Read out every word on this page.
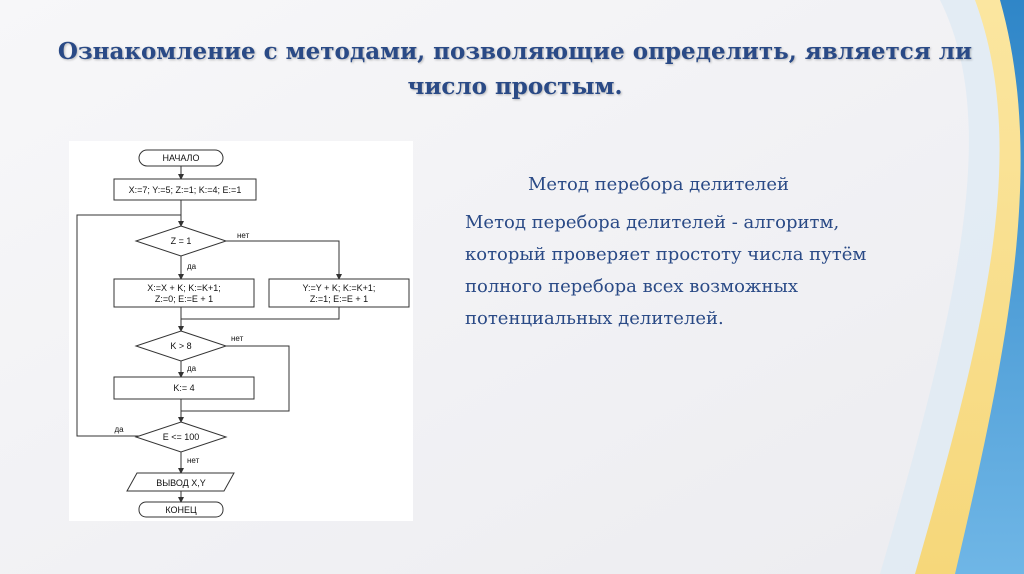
Ознакомление с методами, позволяющие определить, является ли
число простым.
НАЧАЛО
X:=7; Y:=5; Z:=1; K:=4; E:=1
да
Z = 1
нет
да
X:=X + K; K:=K+1;
Z:=0; E:=E + 1
Y:=Y + K; K:=K+1;
Z:=1; E:=E + 1
K > 8
нет
да
K:= 4
E <= 100
нет
ВЫВОД X,Y
КОНЕЦ
Метод перебора делителей
Метод перебора делителей - алгоритм,
который проверяет простоту числа путём
полного перебора всех возможных
потенциальных делителей.
